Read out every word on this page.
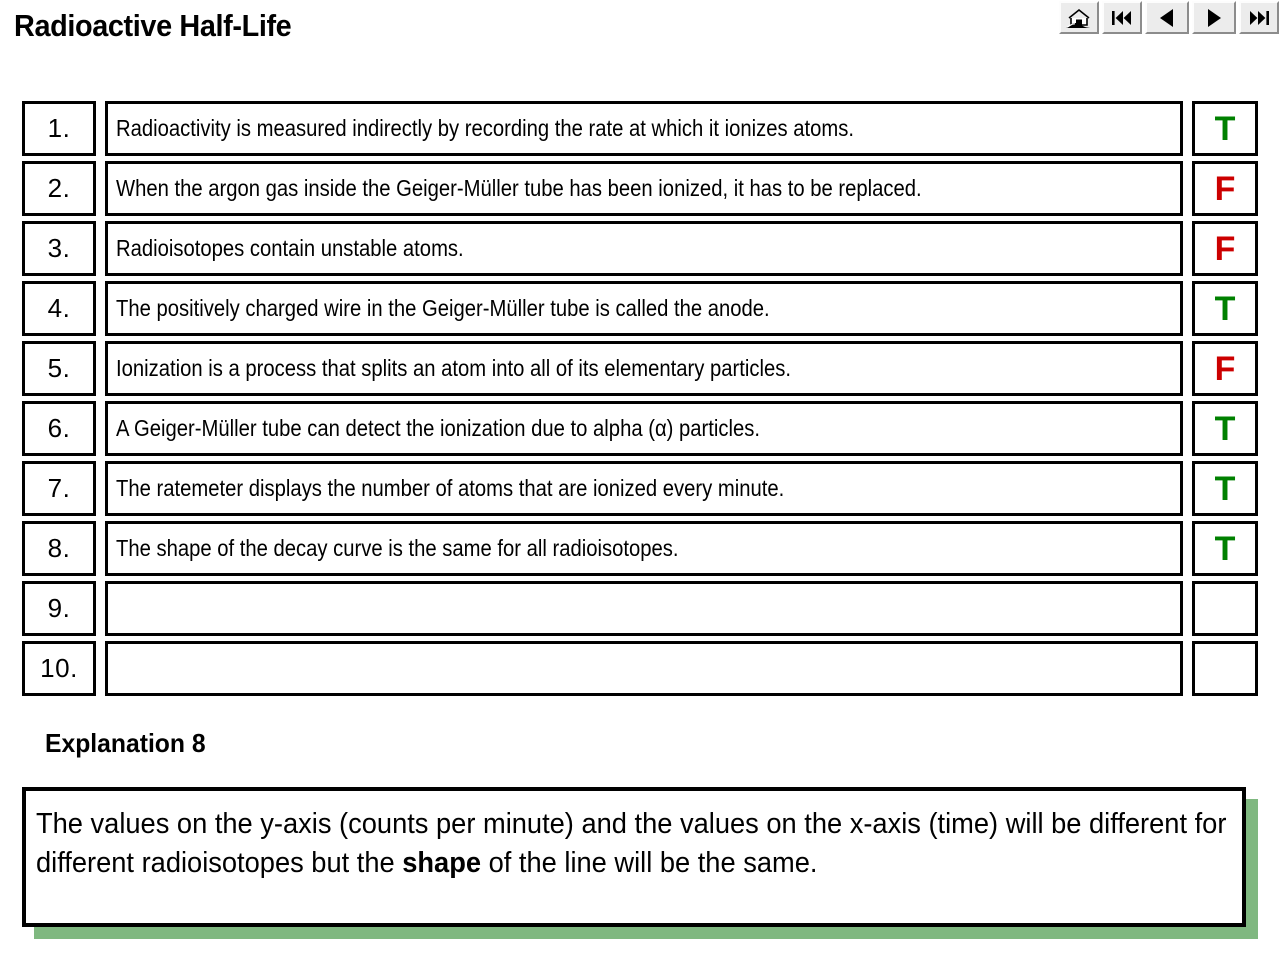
Radioactive Half-Life
1.	Radioactivity is measured indirectly by recording the rate at which it ionizes atoms.	T
2.	When the argon gas inside the Geiger-Müller tube has been ionized, it has to be replaced.	F
3.	Radioisotopes contain unstable atoms.	F
4.	The positively charged wire in the Geiger-Müller tube is called the anode.	T
5.	Ionization is a process that splits an atom into all of its elementary particles.	F
6.	A Geiger-Müller tube can detect the ionization due to alpha (α) particles.	T
7.	The ratemeter displays the number of atoms that are ionized every minute.	T
8.	The shape of the decay curve is the same for all radioisotopes.	T
9.
10.
Explanation 8
The values on the y-axis (counts per minute) and the values on the x-axis (time) will be different for different radioisotopes but the shape of the line will be the same.
